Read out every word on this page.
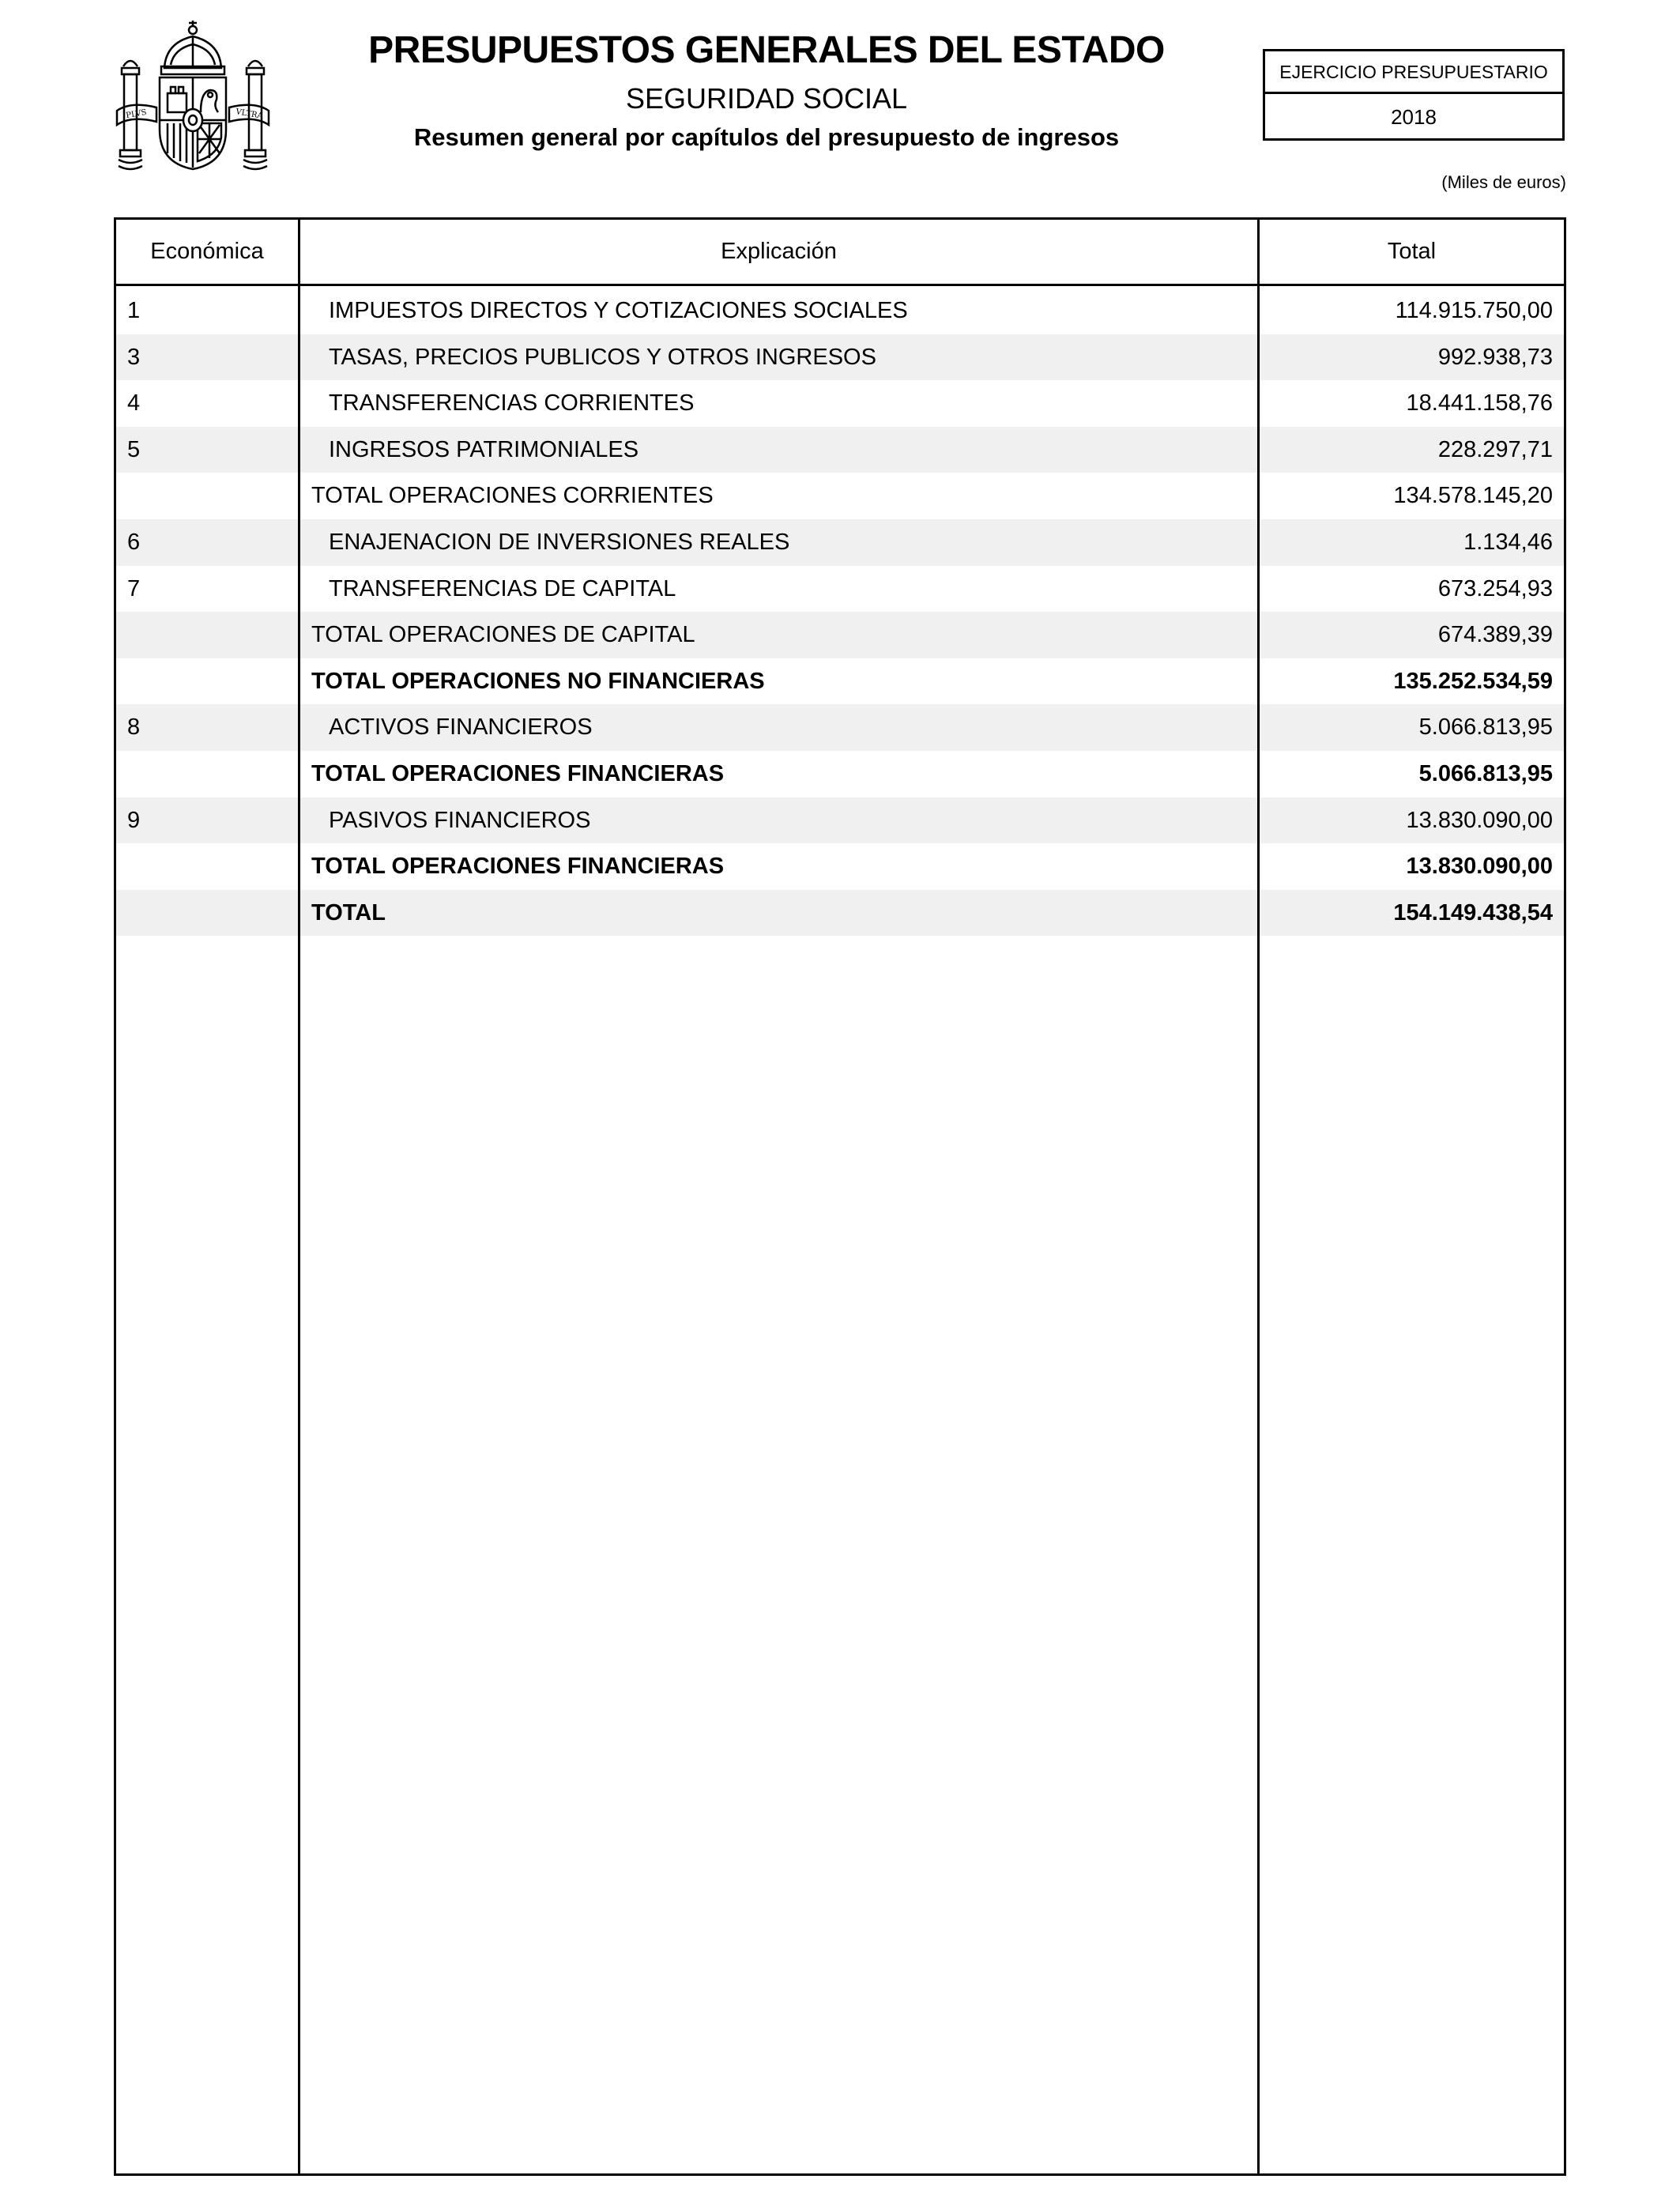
PLVS	VLTRA
PRESUPUESTOS GENERALES DEL ESTADO
SEGURIDAD SOCIAL
Resumen general por capítulos del presupuesto de ingresos
EJERCICIO PRESUPUESTARIO
2018
(Miles de euros)
Económica	Explicación	Total
1	IMPUESTOS DIRECTOS Y COTIZACIONES SOCIALES	114.915.750,00
3	TASAS, PRECIOS PUBLICOS Y OTROS INGRESOS	992.938,73
4	TRANSFERENCIAS CORRIENTES	18.441.158,76
5	INGRESOS PATRIMONIALES	228.297,71
TOTAL OPERACIONES CORRIENTES	134.578.145,20
6	ENAJENACION DE INVERSIONES REALES	1.134,46
7	TRANSFERENCIAS DE CAPITAL	673.254,93
TOTAL OPERACIONES DE CAPITAL	674.389,39
TOTAL OPERACIONES NO FINANCIERAS	135.252.534,59
8	ACTIVOS FINANCIEROS	5.066.813,95
TOTAL OPERACIONES FINANCIERAS	5.066.813,95
9	PASIVOS FINANCIEROS	13.830.090,00
TOTAL OPERACIONES FINANCIERAS	13.830.090,00
TOTAL	154.149.438,54
